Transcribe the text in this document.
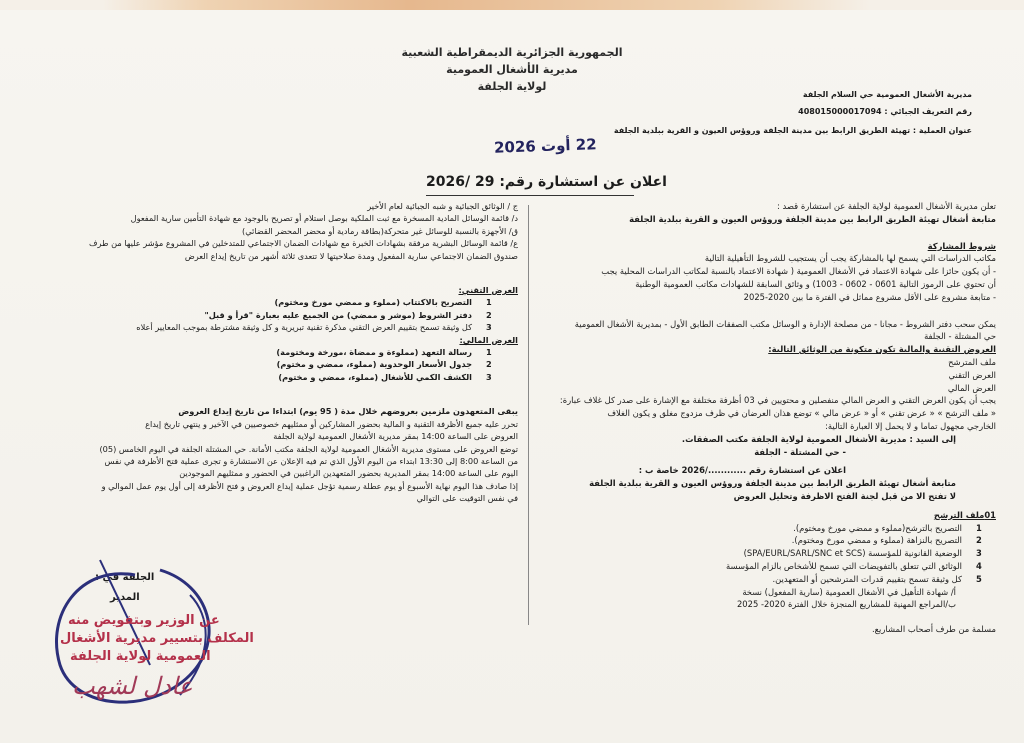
الجمهورية الجزائرية الديمقراطية الشعبية
مديرية الأشغال العمومية
لولاية الجلفة
مديرية الأشغال العمومية حي السلام الجلفة
رقم التعريف الجبائي : 408015000017094
عنوان العملية : تهيئة الطريق الرابط بين مدينة الجلفة وروؤس العيون و القرية ببلدية الجلفة
22 أوت 2026
اعلان عن استشارة رقم: 29 /2026

تعلن مديرية الأشغال العمومية لولاية الجلفة عن استشارة قصد :

متابعة أشغال تهيئة الطريق الرابط بين مدينة الجلفة وروؤس العيون و القرية ببلدية الجلفة

شروط المشاركة

مكاتب الدراسات التي يسمح لها بالمشاركة يجب أن يستجيب للشروط التأهيلية التالية

- أن يكون حائزا على شهادة الاعتماد في الأشغال العمومية ( شهادة الاعتماد بالنسبة لمكاتب الدراسات المحلية يجب

أن تحتوي على الرموز التالية 0601 - 0602 - 1003) و وثائق السابقة للشهادات مكاتب العمومية الوطنية

- متابعة مشروع على الأقل مشروع مماثل في الفترة ما بين 2020-2025

يمكن سحب دفتر الشروط - مجانا - من مصلحة الإدارة و الوسائل مكتب الصفقات الطابق الأول - بمديرية الأشغال العمومية

حي المشتلة - الجلفة

العروض التقنية والمالية تكون متكونة من الوثائق التالية:

ملف المترشح

العرض التقني

العرض المالي

يجب أن يكون العرض التقني و العرض المالي منفصلين و محتويين في 03 أظرفة مختلفة مع الإشارة على صدر كل غلاف عبارة:

« ملف الترشح » « عرض تقني » أو « عرض مالي » توضع هذان العرضان في ظرف مزدوج مغلق و يكون الغلاف

الخارجي مجهول تماما و لا يحمل إلا العبارة التالية:

إلى السيد : مديرية الأشغال العمومية لولاية الجلفة مكتب الصفقات.

- حي المشتلة - الجلفة

اعلان عن استشارة رقم ............/2026 خاصة ب :

متابعة أشغال تهيئة الطريق الرابط بين مدينة الجلفة وروؤس العيون و القرية ببلدية الجلفة

لا تفتح الا من قبل لجنة الفتح الاظرفة وتحليل العروض

01ملف الترشح

1
التصريح بالترشح(مملوء و ممضي مورخ ومختوم).
2
التصريح بالنزاهة (مملوء و ممضي مورخ ومختوم).
3
الوضعية القانونية للمؤسسة (SPA/EURL/SARL/SNC et SCS)
4
الوثائق التي تتعلق بالتفويضات التي تسمح للأشخاص بالزام المؤسسة
5
كل وثيقة تسمح بتقييم قدرات المترشحين أو المتعهدين.

أ/ شهادة التأهيل في الأشغال العمومية (سارية المفعول) نسخة

ب/المراجع المهنية للمشاريع المنجزة خلال الفترة 2020- 2025

مسلمة من طرف أصحاب المشاريع.

ج / الوثائق الجبائية و شبه الجبائية لعام الأخير

د/ قائمة الوسائل المادية المسخرة مع ثبت الملكية بوصل استلام أو تصريح بالوجود مع شهادة التأمين سارية المفعول

ق/ الأجهزة بالنسبة للوسائل غير متحركة(بطاقة رمادية أو محضر المحضر القضائي)

ع/ قائمة الوسائل البشرية مرفقة بشهادات الخبرة مع شهادات الضمان الاجتماعي للمتدخلين في المشروع مؤشر عليها من طرف

صندوق الضمان الاجتماعي سارية المفعول ومدة صلاحيتها لا تتعدى ثلاثة أشهر من تاريخ إيداع العرض

العرض التقني:

1
التصريح بالاكتتاب (مملوء و ممضي مورخ ومختوم)
2
دفتر الشروط (موشر و ممضي) من الجميع عليه بعبارة "قرأ و قبل"
3
كل وثيقة تسمح بتقييم العرض التقني مذكرة تقنية تبريرية و كل وثيقة مشترطة بموجب المعايير أعلاه

العرض المالي:

1
رسالة التعهد (مملوءة و ممضاة ،مورخة ومختومة)
2
جدول الأسعار الوحدوية (مملوء، ممضي و مختوم)
3
الكشف الكمي للأشغال (مملوء، ممضي و مختوم)

يبقى المتعهدون ملزمين بعروضهم خلال مدة ( 95 يوم) ابتداءا من تاريخ إيداع العروض

تحرر عليه جميع الأظرفة التقنية و المالية بحضور المشاركين أو ممثليهم خصوصيين في الآخير و ينتهي تاريخ إيداع

العروض على الساعة 14:00 بمقر مديرية الأشغال العمومية لولاية الجلفة

توضع العروض على مستوى مديرية الأشغال العمومية لولاية الجلفة مكتب الأمانة. حي المشتلة الجلفة في اليوم الخامس (05)

من الساعة 8:00 إلى 13:30 ابتداء من اليوم الأول الذي تم فيه الإعلان عن الاستشارة و تجرى عملية فتح الأظرفة في نفس

اليوم على الساعة 14:00 بمقر المديرية بحضور المتعهدين الراغبين في الحضور و ممثليهم الموجودين

إذا صادف هذا اليوم نهاية الأسبوع أو يوم عطلة رسمية تؤجل عملية إيداع العروض و فتح الأظرفة إلى أول يوم عمل الموالي و

في نفس التوقيت على التوالي

الجلفة في :
المدير
عن الوزير وبتفويض منه
المكلف بتسيير مديرية الأشغال
العمومية لولاية الجلفة
عادل لشهب
